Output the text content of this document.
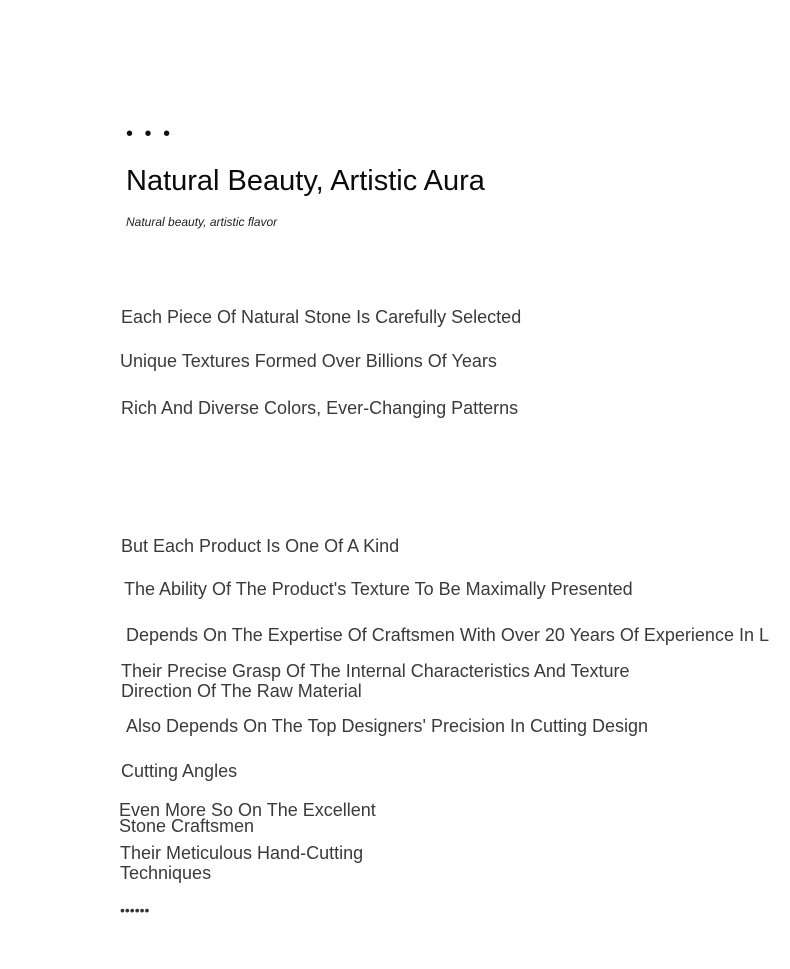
• • •
Natural Beauty, Artistic Aura
Natural beauty, artistic flavor
Each Piece Of Natural Stone Is Carefully Selected
Unique Textures Formed Over Billions Of Years
Rich And Diverse Colors, Ever-Changing Patterns
But Each Product Is One Of A Kind
The Ability Of The Product's Texture To Be Maximally Presented
Depends On The Expertise Of Craftsmen With Over 20 Years Of Experience In L
Their Precise Grasp Of The Internal Characteristics And Texture Direction Of The Raw Material
Also Depends On The Top Designers' Precision In Cutting Design
Cutting Angles
Even More So On The Excellent Stone Craftsmen
Their Meticulous Hand-Cutting Techniques
••••••
